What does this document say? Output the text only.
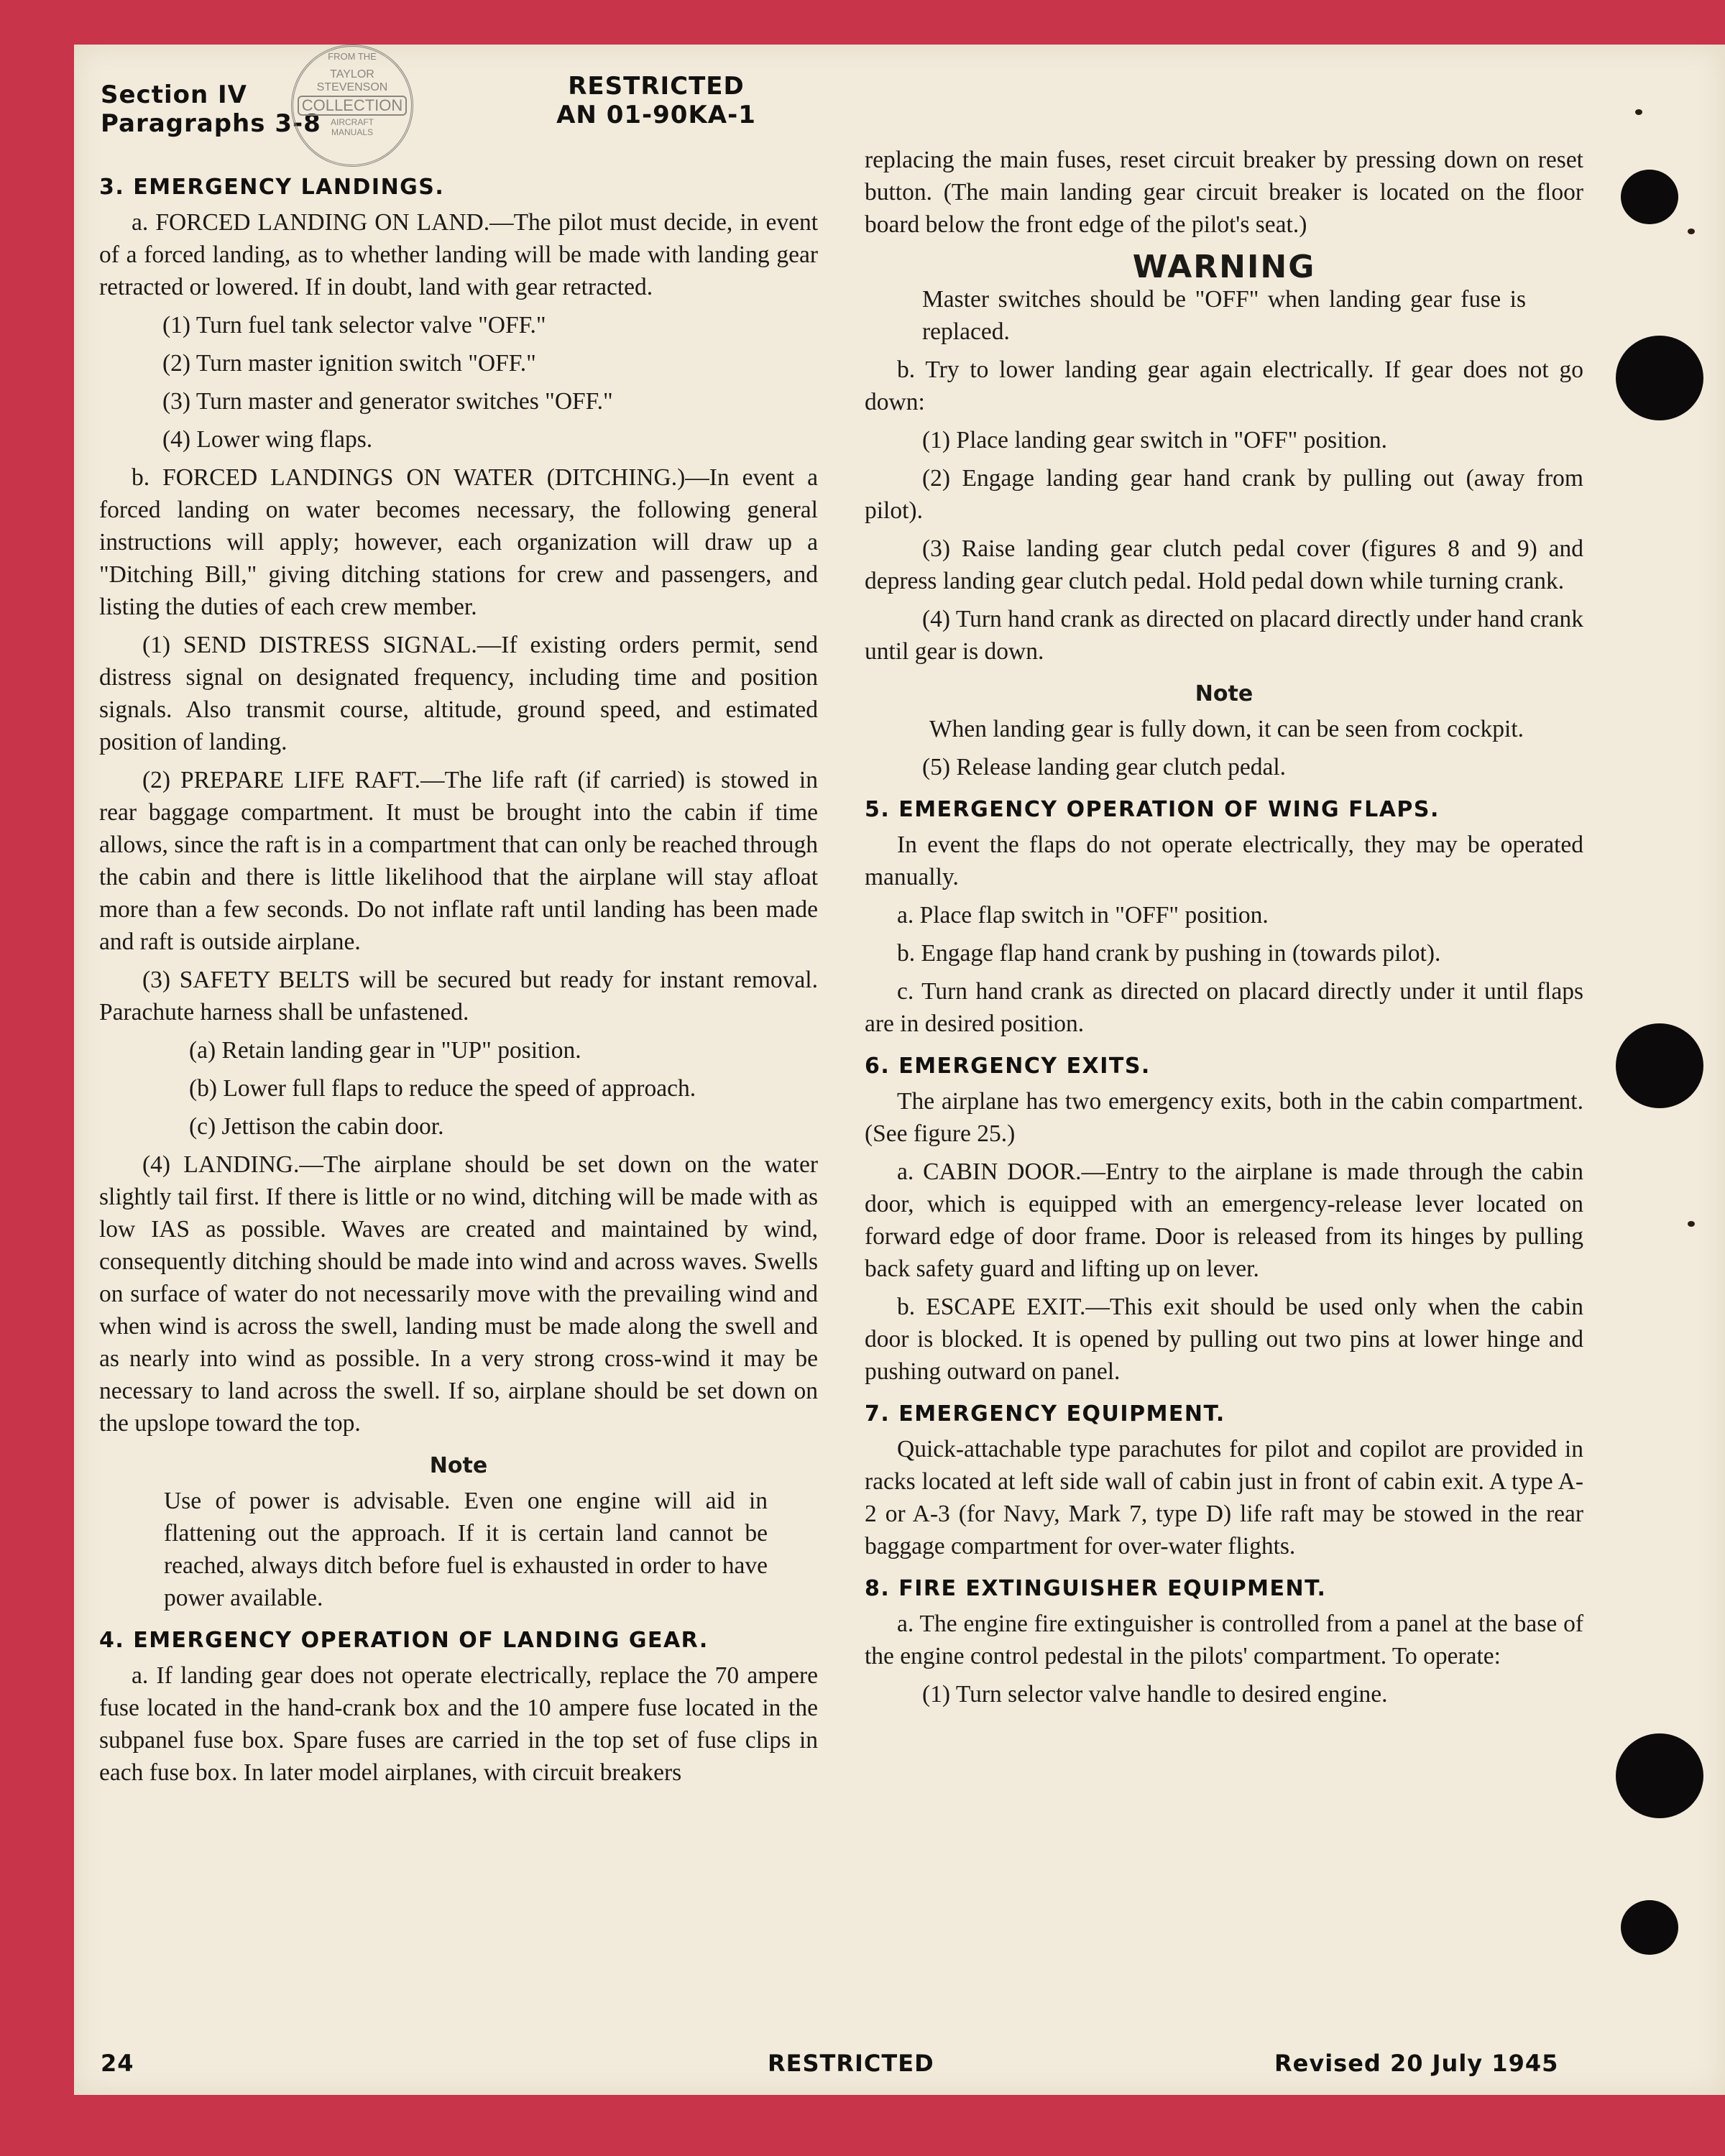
Section IV
Paragraphs 3-8
FROM THE
TAYLOR
STEVENSON
COLLECTION
AIRCRAFT
MANUALS
RESTRICTED
AN 01-90KA-1
3. EMERGENCY LANDINGS.

a. FORCED LANDING ON LAND.—The pilot must decide, in event of a forced landing, as to whether landing will be made with landing gear retracted or lowered. If in doubt, land with gear retracted.

(1) Turn fuel tank selector valve "OFF."

(2) Turn master ignition switch "OFF."

(3) Turn master and generator switches "OFF."

(4) Lower wing flaps.

b. FORCED LANDINGS ON WATER (DITCHING.)—In event a forced landing on water becomes necessary, the following general instructions will apply; however, each organization will draw up a "Ditching Bill," giving ditching stations for crew and passengers, and listing the duties of each crew member.

(1) SEND DISTRESS SIGNAL.—If existing orders permit, send distress signal on designated frequency, including time and position signals. Also transmit course, altitude, ground speed, and estimated position of landing.

(2) PREPARE LIFE RAFT.—The life raft (if carried) is stowed in rear baggage compartment. It must be brought into the cabin if time allows, since the raft is in a compartment that can only be reached through the cabin and there is little likelihood that the airplane will stay afloat more than a few seconds. Do not inflate raft until landing has been made and raft is outside airplane.

(3) SAFETY BELTS will be secured but ready for instant removal. Parachute harness shall be unfastened.

(a) Retain landing gear in "UP" position.

(b) Lower full flaps to reduce the speed of approach.

(c) Jettison the cabin door.

(4) LANDING.—The airplane should be set down on the water slightly tail first. If there is little or no wind, ditching will be made with as low IAS as possible. Waves are created and maintained by wind, consequently ditching should be made into wind and across waves. Swells on surface of water do not necessarily move with the prevailing wind and when wind is across the swell, landing must be made along the swell and as nearly into wind as possible. In a very strong cross-wind it may be necessary to land across the swell. If so, airplane should be set down on the upslope toward the top.

Note

Use of power is advisable. Even one engine will aid in flattening out the approach. If it is certain land cannot be reached, always ditch before fuel is exhausted in order to have power available.

4. EMERGENCY OPERATION OF LANDING GEAR.

a. If landing gear does not operate electrically, replace the 70 ampere fuse located in the hand-crank box and the 10 ampere fuse located in the subpanel fuse box. Spare fuses are carried in the top set of fuse clips in each fuse box. In later model airplanes, with circuit breakers

replacing the main fuses, reset circuit breaker by pressing down on reset button. (The main landing gear circuit breaker is located on the floor board below the front edge of the pilot's seat.)

WARNING

Master switches should be "OFF" when landing gear fuse is replaced.

b. Try to lower landing gear again electrically. If gear does not go down:

(1) Place landing gear switch in "OFF" position.

(2) Engage landing gear hand crank by pulling out (away from pilot).

(3) Raise landing gear clutch pedal cover (figures 8 and 9) and depress landing gear clutch pedal. Hold pedal down while turning crank.

(4) Turn hand crank as directed on placard directly under hand crank until gear is down.

Note

When landing gear is fully down, it can be seen from cockpit.

(5) Release landing gear clutch pedal.

5. EMERGENCY OPERATION OF WING FLAPS.

In event the flaps do not operate electrically, they may be operated manually.

a. Place flap switch in "OFF" position.

b. Engage flap hand crank by pushing in (towards pilot).

c. Turn hand crank as directed on placard directly under it until flaps are in desired position.

6. EMERGENCY EXITS.

The airplane has two emergency exits, both in the cabin compartment. (See figure 25.)

a. CABIN DOOR.—Entry to the airplane is made through the cabin door, which is equipped with an emergency-release lever located on forward edge of door frame. Door is released from its hinges by pulling back safety guard and lifting up on lever.

b. ESCAPE EXIT.—This exit should be used only when the cabin door is blocked. It is opened by pulling out two pins at lower hinge and pushing outward on panel.

7. EMERGENCY EQUIPMENT.

Quick-attachable type parachutes for pilot and copilot are provided in racks located at left side wall of cabin just in front of cabin exit. A type A-2 or A-3 (for Navy, Mark 7, type D) life raft may be stowed in the rear baggage compartment for over-water flights.

8. FIRE EXTINGUISHER EQUIPMENT.

a. The engine fire extinguisher is controlled from a panel at the base of the engine control pedestal in the pilots' compartment. To operate:

(1) Turn selector valve handle to desired engine.

24	RESTRICTED	Revised 20 July 1945
